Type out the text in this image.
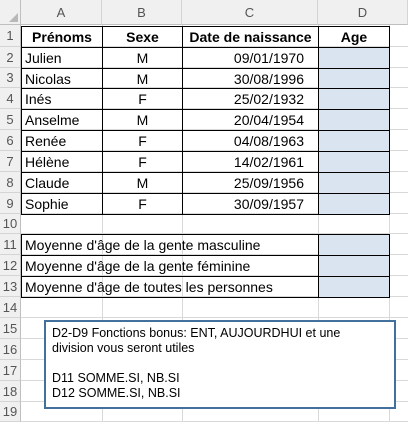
A	B	C	D
1
2
3
4
5
6
7
8
9
10
11
12
13
14
15
16
17
18
19
Prénoms	Sexe	Date de naissance	Age
Julien	M	09/01/1970
Nicolas	M	30/08/1996
Inés	F	25/02/1932
Anselme	M	20/04/1954
Renée	F	04/08/1963
Hélène	F	14/02/1961
Claude	M	25/09/1956
Sophie	F	30/09/1957
Moyenne d'âge de la gente masculine
Moyenne d'âge de la gente féminine
Moyenne d'âge de toutes les personnes
D2-D9 Fonctions bonus: ENT, AUJOURDHUI et une
division vous seront utiles
D11 SOMME.SI, NB.SI
D12 SOMME.SI, NB.SI
